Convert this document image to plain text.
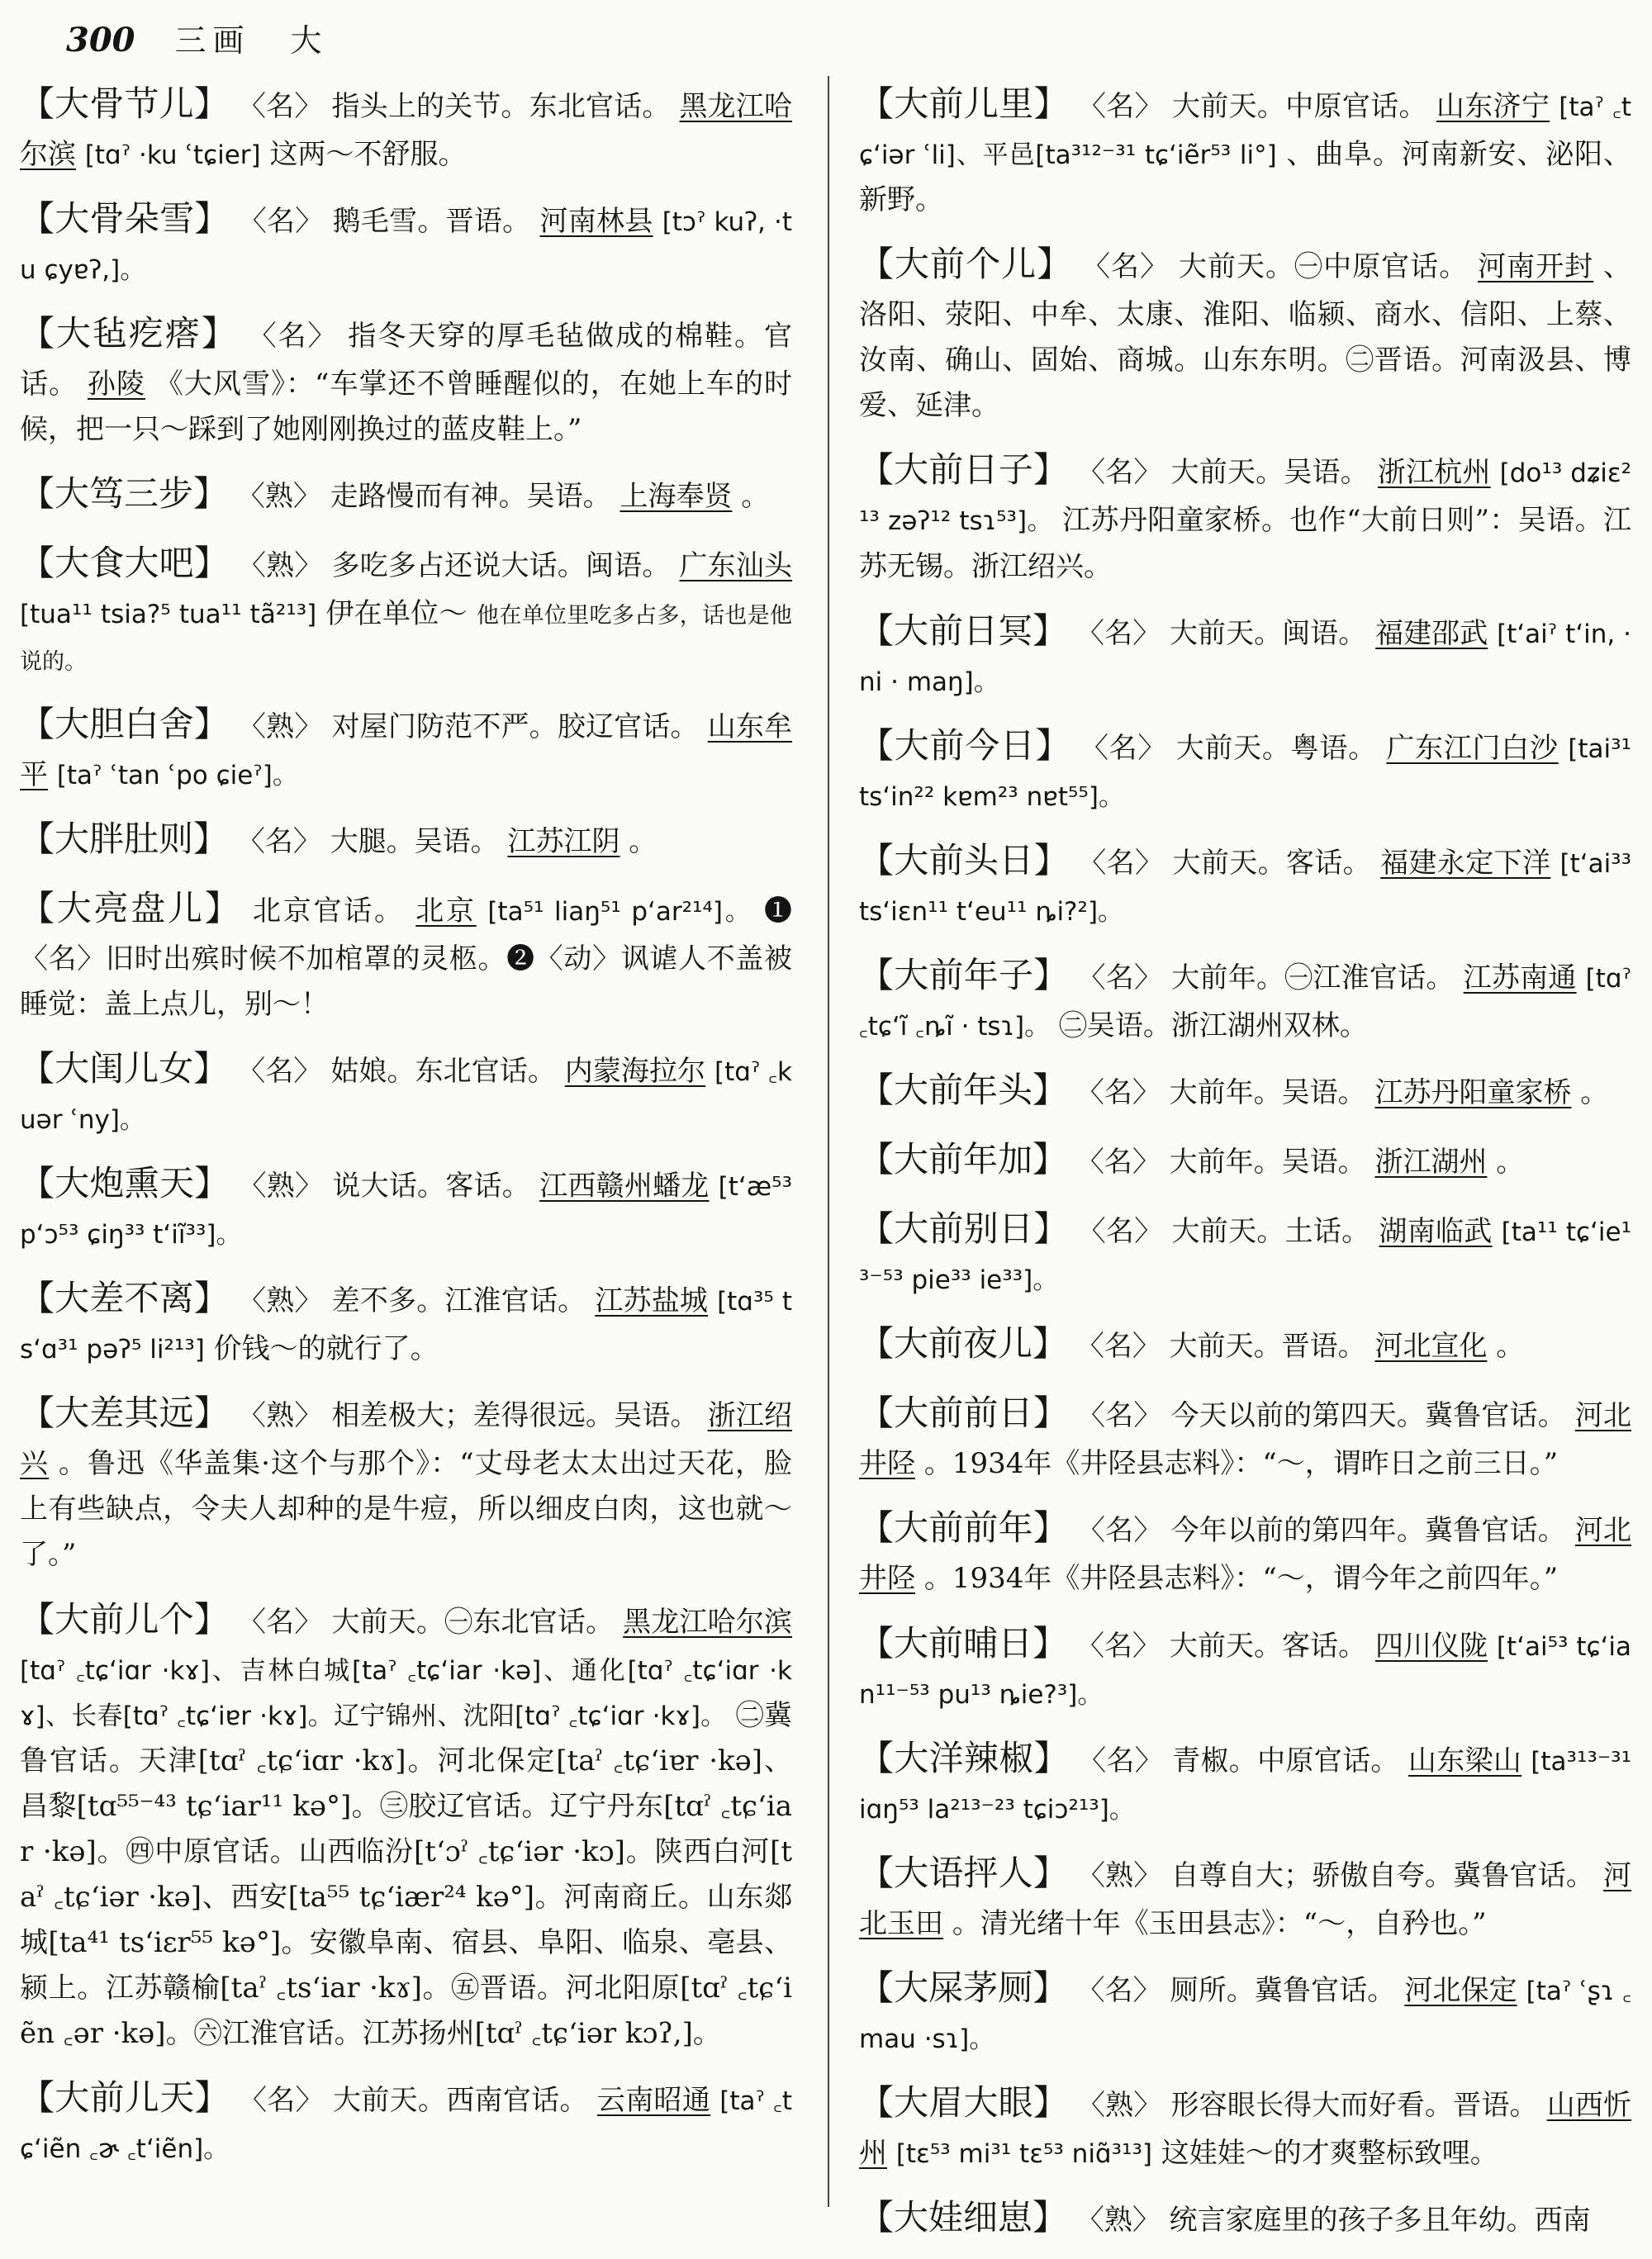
300 三画 大

【大骨节儿】 〈名〉 指头上的关节。东北官话。 黑龙江哈尔滨 [tɑˀ ·ku ʿtɕier] 这两～不舒服。

【大骨朵雪】 〈名〉 鹅毛雪。晋语。 河南林县 [tɔˀ kuʔ, ·tu ɕyɐʔ,]。

【大毡疙瘩】 〈名〉 指冬天穿的厚毛毡做成的棉鞋。官话。 孙陵 《大风雪》：“车掌还不曾睡醒似的，在她上车的时候，把一只～踩到了她刚刚换过的蓝皮鞋上。”

【大笃三步】 〈熟〉 走路慢而有神。吴语。 上海奉贤 。

【大食大吧】 〈熟〉 多吃多占还说大话。闽语。 广东汕头 [tua¹¹ tsia?⁵ tua¹¹ tã²¹³] 伊在单位～ 他在单位里吃多占多，话也是他说的。

【大胆白舍】 〈熟〉 对屋门防范不严。胶辽官话。 山东牟平 [taˀ ʿtan ʿpo ɕieˀ]。

【大胖肚则】 〈名〉 大腿。吴语。 江苏江阴 。

【大亮盘儿】 北京官话。 北京 [ta⁵¹ liaŋ⁵¹ p‘ar²¹⁴]。 ❶〈名〉旧时出殡时候不加棺罩的灵柩。❷〈动〉讽谑人不盖被睡觉：盖上点儿，别～！

【大闺儿女】 〈名〉 姑娘。东北官话。 内蒙海拉尔 [tɑˀ ꜀kuər ʿny]。

【大炮熏天】 〈熟〉 说大话。客话。 江西赣州蟠龙 [t‘æ⁵³ p‘ɔ⁵³ ɕiŋ³³ t‘iĩ³³]。

【大差不离】 〈熟〉 差不多。江淮官话。 江苏盐城 [tɑ³⁵ ts‘ɑ³¹ pəʔ⁵ li²¹³] 价钱～的就行了。

【大差其远】 〈熟〉 相差极大；差得很远。吴语。 浙江绍兴 。鲁迅《华盖集·这个与那个》：“丈母老太太出过天花，脸上有些缺点，令夫人却种的是牛痘，所以细皮白肉，这也就～了。”

【大前儿个】 〈名〉 大前天。㊀东北官话。 黑龙江哈尔滨 [tɑˀ ꜀tɕ‘iɑr ·kɤ]、吉林白城[taˀ ꜀tɕ‘iar ·kə]、通化[tɑˀ ꜀tɕ‘iɑr ·kɤ]、长春[tɑˀ ꜀tɕ‘iɐr ·kɤ]。辽宁锦州、沈阳[tɑˀ ꜀tɕ‘iɑr ·kɤ]。 ㊁冀鲁官话。天津[tɑˀ ꜀tɕ‘iɑr ·kɤ]。河北保定[taˀ ꜀tɕ‘iɐr ·kə]、昌黎[tɑ⁵⁵⁻⁴³ tɕ‘iar¹¹ kə°]。㊂胶辽官话。辽宁丹东[tɑˀ ꜀tɕ‘iar ·kə]。㊃中原官话。山西临汾[t‘ɔˀ ꜀tɕ‘iər ·kɔ]。陕西白河[taˀ ꜀tɕ‘iər ·kə]、西安[ta⁵⁵ tɕ‘iær²⁴ kə°]。河南商丘。山东郯城[ta⁴¹ ts‘iɛr⁵⁵ kə°]。安徽阜南、宿县、阜阳、临泉、亳县、颍上。江苏赣榆[taˀ ꜀ts‘iar ·kɤ]。㊄晋语。河北阳原[tɑˀ ꜀tɕ‘iẽn ꜀ər ·kə]。㊅江淮官话。江苏扬州[tɑˀ ꜀tɕ‘iər kɔʔ,]。

【大前儿天】 〈名〉 大前天。西南官话。 云南昭通 [taˀ ꜀tɕ‘iẽn ꜀ɚ ꜀t‘iẽn]。

【大前儿里】 〈名〉 大前天。中原官话。 山东济宁 [taˀ ꜀tɕ‘iər ʿli]、平邑[ta³¹²⁻³¹ tɕ‘iẽr⁵³ li°] 、曲阜。河南新安、泌阳、新野。

【大前个儿】 〈名〉 大前天。㊀中原官话。 河南开封 、洛阳、荥阳、中牟、太康、淮阳、临颍、商水、信阳、上蔡、汝南、确山、固始、商城。山东东明。㊁晋语。河南汲县、博爱、延津。

【大前日子】 〈名〉 大前天。吴语。 浙江杭州 [do¹³ dʑiɛ²¹³ zəʔ¹² tsɿ⁵³]。 江苏丹阳童家桥。也作“大前日则”：吴语。江苏无锡。浙江绍兴。

【大前日冥】 〈名〉 大前天。闽语。 福建邵武 [t‘aiˀ t‘in, · ni · maŋ]。

【大前今日】 〈名〉 大前天。粤语。 广东江门白沙 [tai³¹ ts‘in²² kɐm²³ nɐt⁵⁵]。

【大前头日】 〈名〉 大前天。客话。 福建永定下洋 [t‘ai³³ ts‘iɛn¹¹ t‘eu¹¹ ȵi?²]。

【大前年子】 〈名〉 大前年。㊀江淮官话。 江苏南通 [tɑˀ ꜀tɕ‘ĩ ꜀ȵĩ · tsɿ]。 ㊁吴语。浙江湖州双林。

【大前年头】 〈名〉 大前年。吴语。 江苏丹阳童家桥 。

【大前年加】 〈名〉 大前年。吴语。 浙江湖州 。

【大前别日】 〈名〉 大前天。土话。 湖南临武 [ta¹¹ tɕ‘ie¹³⁻⁵³ pie³³ ie³³]。

【大前夜儿】 〈名〉 大前天。晋语。 河北宣化 。

【大前前日】 〈名〉 今天以前的第四天。冀鲁官话。 河北井陉 。1934年《井陉县志料》：“～，谓昨日之前三日。”

【大前前年】 〈名〉 今年以前的第四年。冀鲁官话。 河北井陉 。1934年《井陉县志料》：“～，谓今年之前四年。”

【大前晡日】 〈名〉 大前天。客话。 四川仪陇 [t‘ai⁵³ tɕ‘ian¹¹⁻⁵³ pu¹³ ȵie?³]。

【大洋辣椒】 〈名〉 青椒。中原官话。 山东梁山 [ta³¹³⁻³¹ iɑŋ⁵³ la²¹³⁻²³ tɕiɔ²¹³]。

【大语抨人】 〈熟〉 自尊自大；骄傲自夸。冀鲁官话。 河北玉田 。清光绪十年《玉田县志》：“～，自矜也。”

【大屎茅厕】 〈名〉 厕所。冀鲁官话。 河北保定 [taˀ ʿʂɿ ꜀mau ·sɿ]。

【大眉大眼】 〈熟〉 形容眼长得大而好看。晋语。 山西忻州 [tɛ⁵³ mi³¹ tɛ⁵³ niɑ̃³¹³] 这娃娃～的才爽整标致哩。

【大娃细崽】 〈熟〉 统言家庭里的孩子多且年幼。西南
